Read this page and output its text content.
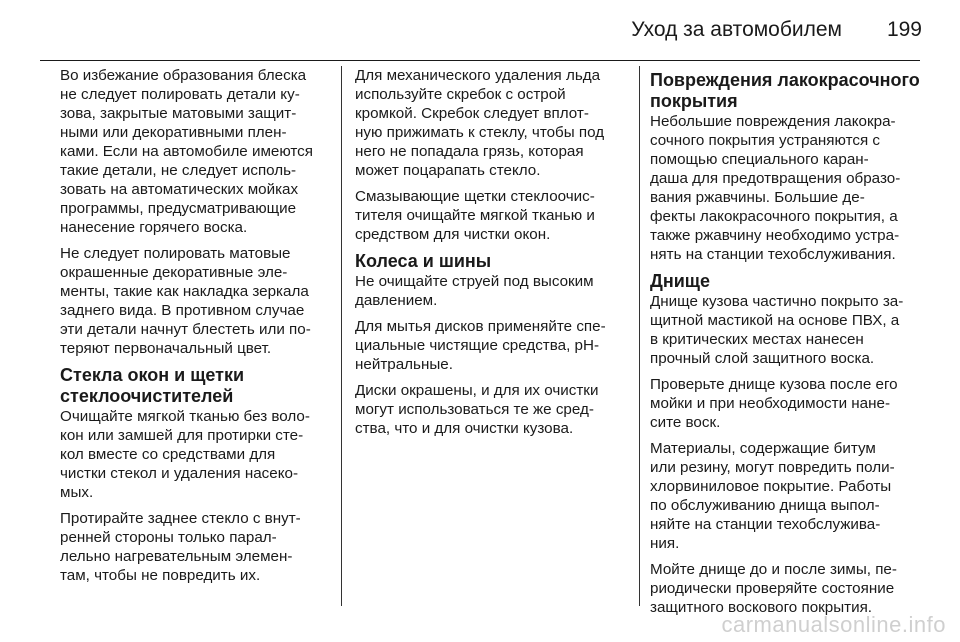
Уход за автомобилем 199

Во избежание образования блеска
не следует полировать детали ку-
зова, закрытые матовыми защит-
ными или декоративными плен-
ками. Если на автомобиле имеются
такие детали, не следует исполь-
зовать на автоматических мойках
программы, предусматривающие
нанесение горячего воска.

Не следует полировать матовые
окрашенные декоративные эле-
менты, такие как накладка зеркала
заднего вида. В противном случае
эти детали начнут блестеть или по-
теряют первоначальный цвет.

Стекла окон и щетки
стеклоочистителей

Очищайте мягкой тканью без воло-
кон или замшей для протирки сте-
кол вместе со средствами для
чистки стекол и удаления насеко-
мых.

Протирайте заднее стекло с внут-
ренней стороны только парал-
лельно нагревательным элемен-
там, чтобы не повредить их.

Для механического удаления льда
используйте скребок с острой
кромкой. Скребок следует вплот-
ную прижимать к стеклу, чтобы под
него не попадала грязь, которая
может поцарапать стекло.

Смазывающие щетки стеклоочис-
тителя очищайте мягкой тканью и
средством для чистки окон.

Колеса и шины

Не очищайте струей под высоким
давлением.

Для мытья дисков применяйте спе-
циальные чистящие средства, pH-
нейтральные.

Диски окрашены, и для их очистки
могут использоваться те же сред-
ства, что и для очистки кузова.

Повреждения лакокрасочного
покрытия

Небольшие повреждения лакокра-
сочного покрытия устраняются с
помощью специального каран-
даша для предотвращения образо-
вания ржавчины. Большие де-
фекты лакокрасочного покрытия, а
также ржавчину необходимо устра-
нять на станции техобслуживания.

Днище

Днище кузова частично покрыто за-
щитной мастикой на основе ПВХ, а
в критических местах нанесен
прочный слой защитного воска.

Проверьте днище кузова после его
мойки и при необходимости нане-
сите воск.

Материалы, содержащие битум
или резину, могут повредить поли-
хлорвиниловое покрытие. Работы
по обслуживанию днища выпол-
няйте на станции техобслужива-
ния.

Мойте днище до и после зимы, пе-
риодически проверяйте состояние
защитного воскового покрытия.

carmanualsonline.info
